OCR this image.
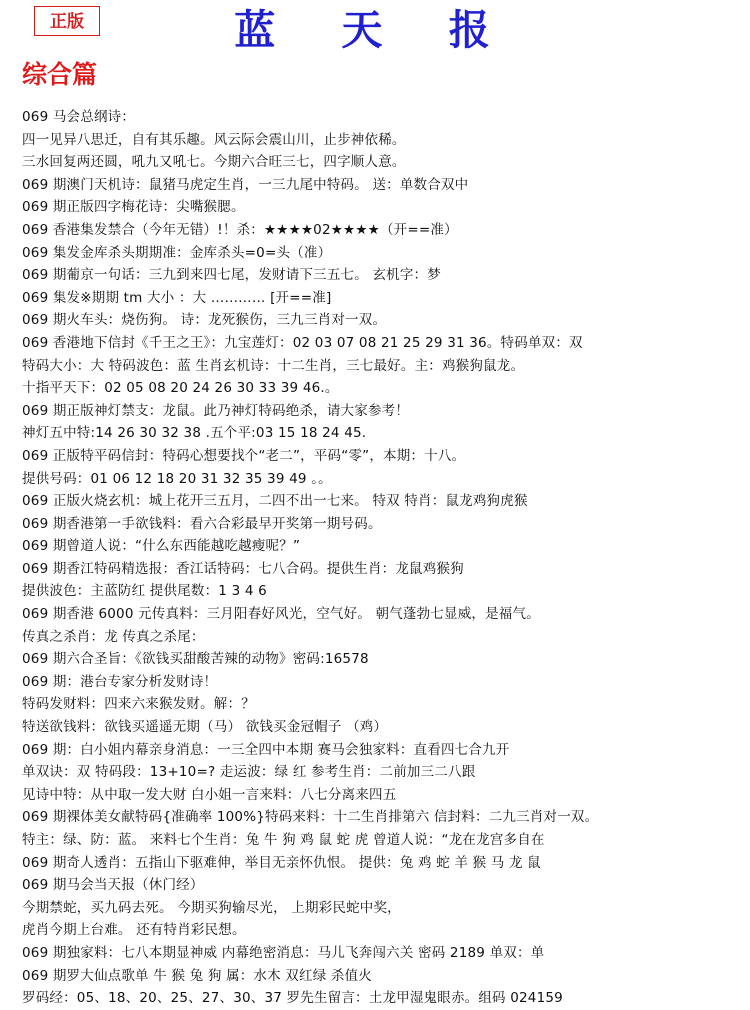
正版	蓝 天 报
综合篇
069 马会总纲诗：
四一见异八思迁，自有其乐趣。风云际会震山川，止步神依稀。
三水回复两还圆，吼九又吼七。今期六合旺三七，四字顺人意。
069 期澳门天机诗：鼠猪马虎定生肖，一三九尾中特码。 送：单数合双中
069 期正版四字梅花诗：尖嘴猴腮。
069 香港集发禁合（今年无错）!！杀：★★★★02★★★★（开==准）
069 集发金库杀头期期准：金库杀头=0=头（准）
069 期葡京一句话：三九到来四七尾，发财请下三五七。 玄机字：梦
069 集发※期期 tm 大小 ：大 ………… [开==准]
069 期火车头：烧伤狗。 诗：龙死猴伤，三九三肖对一双。
069 香港地下信封《千王之王》：九宝莲灯：02 03 07 08 21 25 29 31 36。特码单双：双
特码大小：大 特码波色：蓝 生肖玄机诗：十二生肖，三七最好。主：鸡猴狗鼠龙。
十指平天下：02 05 08 20 24 26 30 33 39 46.。
069 期正版神灯禁支：龙鼠。此乃神灯特码绝杀，请大家参考！
神灯五中特:14 26 30 32 38 .五个平:03 15 18 24 45.
069 正版特平码信封：特码心想要找个“老二”，平码“零”，本期：十八。
提供号码：01 06 12 18 20 31 32 35 39 49 。。
069 正版火烧玄机：城上花开三五月，二四不出一七来。 特双 特肖：鼠龙鸡狗虎猴
069 期香港第一手欲钱料：看六合彩最早开奖第一期号码。
069 期曾道人说：“什么东西能越吃越瘦呢？”
069 期香江特码精选报：香江话特码：七八合码。提供生肖：龙鼠鸡猴狗
提供波色：主蓝防红 提供尾数：1 3 4 6
069 期香港 6000 元传真料：三月阳春好风光，空气好。 朝气蓬勃七显威，是福气。
传真之杀肖：龙 传真之杀尾：
069 期六合圣旨：《欲钱买甜酸苦辣的动物》密码:16578
069 期：港台专家分析发财诗！
特码发财料：四来六来猴发财。解：？
特送欲钱料：欲钱买遥遥无期（马） 欲钱买金冠帽子 （鸡）
069 期：白小姐内幕亲身消息：一三全四中本期 赛马会独家料：直看四七合九开
单双诀：双 特码段：13+10=? 走运波：绿 红 参考生肖：二前加三二八跟
见诗中特：从中取一发大财 白小姐一言来料：八七分离来四五
069 期裸体美女献特码{准确率 100%}特码来料：十二生肖排第六 信封料：二九三肖对一双。
特主：绿、防：蓝。 来料七个生肖：兔 牛 狗 鸡 鼠 蛇 虎 曾道人说：“龙在龙宫多自在
069 期奇人透肖：五指山下驱难伸，举目无亲怀仇恨。 提供：兔 鸡 蛇 羊 猴 马 龙 鼠
069 期马会当天报（休门经）
今期禁蛇，买九码去死。 今期买狗输尽光， 上期彩民蛇中奖，
虎肖今期上台难。 还有特肖彩民想。
069 期独家料：七八本期显神威 内幕绝密消息：马儿飞奔闯六关 密码 2189 单双：单
069 期罗大仙点歌单 牛 猴 兔 狗 属：水木 双红绿 杀值火
罗码经：05、18、20、25、27、30、37 罗先生留言：土龙甲湿鬼眼赤。组码 024159
